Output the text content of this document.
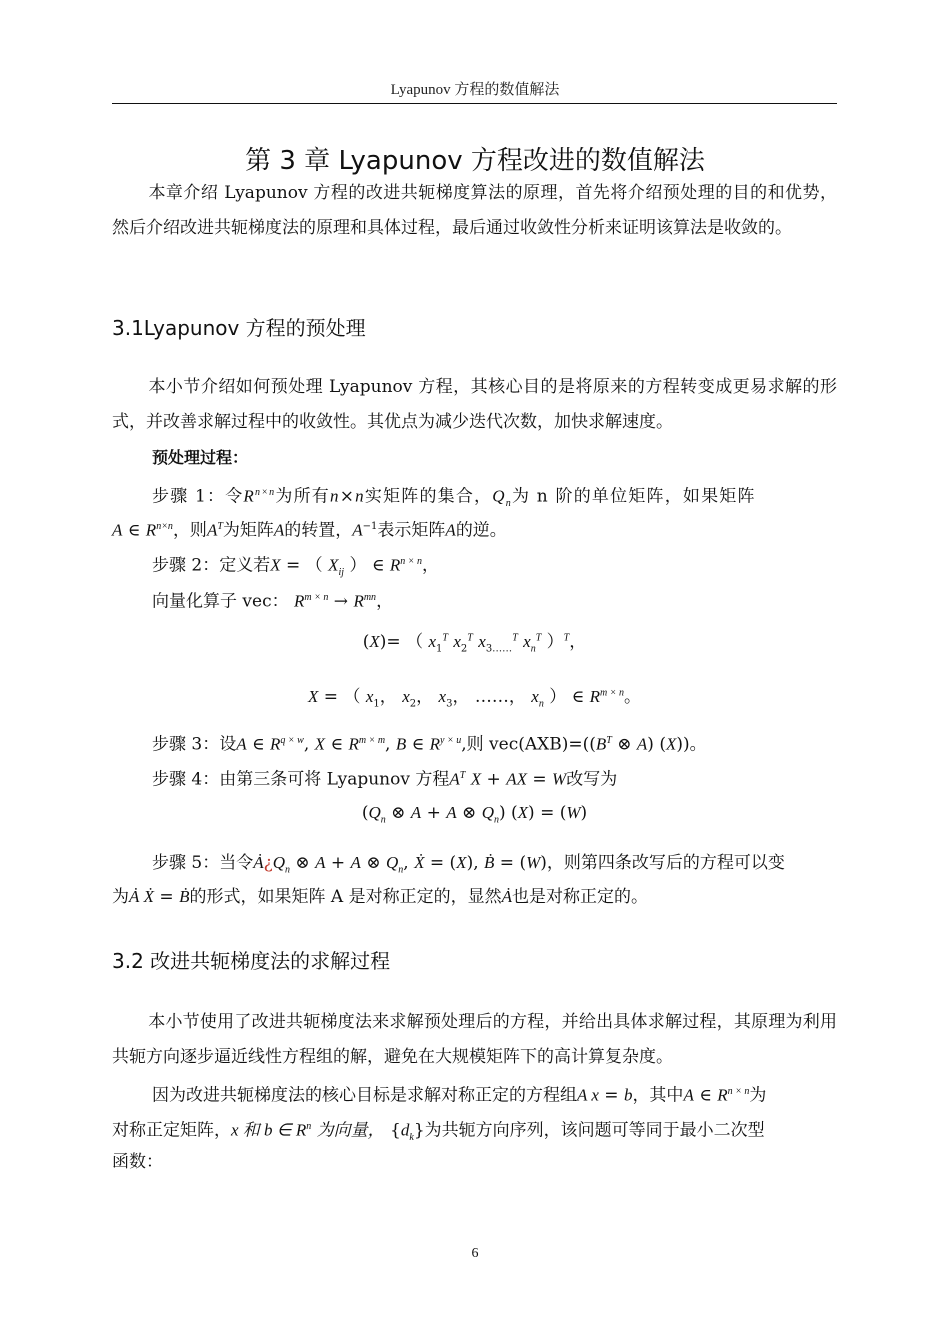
Lyapunov 方程的数值解法
第 3 章 Lyapunov 方程改进的数值解法
本章介绍 Lyapunov 方程的改进共轭梯度算法的原理，首先将介绍预处理的目的和优势，然后介绍改进共轭梯度法的原理和具体过程，最后通过收敛性分析来证明该算法是收敛的。
3.1Lyapunov 方程的预处理
本小节介绍如何预处理 Lyapunov 方程，其核心目的是将原来的方程转变成更易求解的形式，并改善求解过程中的收敛性。其优点为减少迭代次数，加快求解速度。
预处理过程：
步骤 1：令$R^{n\times n}$为所有n×n实矩阵的集合，$Q_n$为 n 阶的单位矩阵，如果矩阵
A ∈ $R^{n\times n}$，则$A^T$为矩阵A的转置，$A^{-1}$表示矩阵A的逆。
步骤 2：定义若X = （ $X_{ij}$ ） ∈ $R^{n \times n}$，
向量化算子 vec： $R^{m \times n} \to R^{mn}$，
(X)= （ $x_1^T$ $x_2^T$ $x_{3\dots\dots}^T$ $x_n^T$ ）$^T$，
X = （ $x_1$， $x_2$， $x_3$， ……， $x_n$ ） ∈ $R^{m \times n}$。
步骤 3：设A ∈ $R^{q \times w}$, X ∈ $R^{m \times m}$, B ∈ $R^{y \times u}$,则 $vec(AXB)=((B^T$ ⊗ A) (X))。
步骤 4：由第三条可将 Lyapunov 方程$A^T$ X + AX = W改写为
($Q_n$ ⊗ A + A ⊗ $Q_n$) (X) = (W)
步骤 5：当令$Ȧ¿Q_n$ ⊗ A + A ⊗ $Q_n$, Ẋ = (X), Ḃ = (W)，则第四条改写后的方程可以变
为Ȧ Ẋ = Ḃ的形式，如果矩阵 A 是对称正定的，显然Ȧ也是对称正定的。
3.2 改进共轭梯度法的求解过程
本小节使用了改进共轭梯度法来求解预处理后的方程，并给出具体求解过程，其原理为利用共轭方向逐步逼近线性方程组的解，避免在大规模矩阵下的高计算复杂度。
因为改进共轭梯度法的核心目标是求解对称正定的方程组A x = b，其中A ∈ $R^{n \times n}$为
对称正定矩阵，x 和 b ∈ $R^n$ 为向量， $\{d_k\}$为共轭方向序列，该问题可等同于最小二次型
函数：
6
